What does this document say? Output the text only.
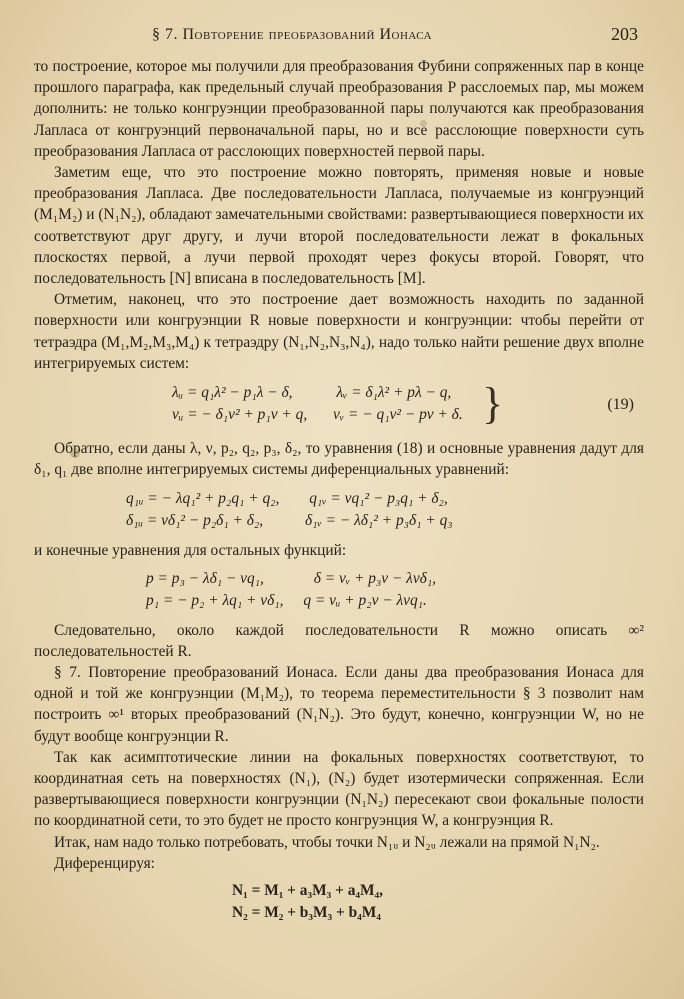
§ 7. Повторение преобразований Ионаса	203

то построение, которое мы получили для преобразования Фубини сопряженных пар в конце прошлого параграфа, как предельный случай преобразования P расслоемых пар, мы можем дополнить: не только конгруэнции преобразованной пары получаются как преобразования Лапласа от конгруэнций первоначальной пары, но и все расслоющие поверхности суть преобразования Лапласа от расслоющих поверхностей первой пары.

Заметим еще, что это построение можно повторять, применяя новые и новые преобразования Лапласа. Две последовательности Лапласа, получаемые из конгруэнций (M₁M₂) и (N₁N₂), обладают замечательными свойствами: развертывающиеся поверхности их соответствуют друг другу, и лучи второй последовательности лежат в фокальных плоскостях первой, а лучи первой проходят через фокусы второй. Говорят, что последовательность [N] вписана в последовательность [M].

Отметим, наконец, что это построение дает возможность находить по заданной поверхности или конгруэнции R новые поверхности и конгруэнции: чтобы перейти от тетраэдра (M₁,M₂,M₃,M₄) к тетраэдру (N₁,N₂,N₃,N₄), надо только найти решение двух вполне интегрируемых систем:

λᵤ = q₁λ² − p₁λ − δ,	λᵥ = δ₁λ² + pλ − q,
νᵤ = − δ₁ν² + p₁ν + q, νᵥ = − q₁ν² − pν + δ. }	(19)

Обратно, если даны λ, ν, p₂, q₂, p₃, δ₂, то уравнения (18) и основные уравнения дадут для δ₁, q₁ две вполне интегрируемых системы диференциальных уравнений:

q₁ᵤ = − λq₁² + p₂q₁ + q₂, q₁ᵥ = νq₁² − p₃q₁ + δ₂,
δ₁ᵤ = νδ₁² − p₂δ₁ + δ₂,	δ₁ᵥ = − λδ₁² + p₃δ₁ + q₃

и конечные уравнения для остальных функций:

p = p₃ − λδ₁ − νq₁,	δ = νᵥ + p₃ν − λνδ₁,
p₁ = − p₂ + λq₁ + νδ₁, q = νᵤ + p₂ν − λνq₁.

Следовательно, около каждой последовательности R можно описать ∞² последовательностей R.

§ 7. Повторение преобразований Ионаса. Если даны два преобразования Ионаса для одной и той же конгруэнции (M₁M₂), то теорема переместительности § 3 позволит нам построить ∞¹ вторых преобразований (N₁N₂). Это будут, конечно, конгруэнции W, но не будут вообще конгруэнции R.

Так как асимптотические линии на фокальных поверхностях соответствуют, то координатная сеть на поверхностях (N₁), (N₂) будет изотермически сопряженная. Если развертывающиеся поверхности конгруэнции (N₁N₂) пересекают свои фокальные полости по координатной сети, то это будет не просто конгруэнция W, а конгруэнция R.

Итак, нам надо только потребовать, чтобы точки N₁ᵤ и N₂ᵤ лежали на прямой N₁N₂.

Диференцируя:

N₁ = M₁ + a₃M₃ + a₄M₄,
N₂ = M₂ + b₃M₃ + b₄M₄
